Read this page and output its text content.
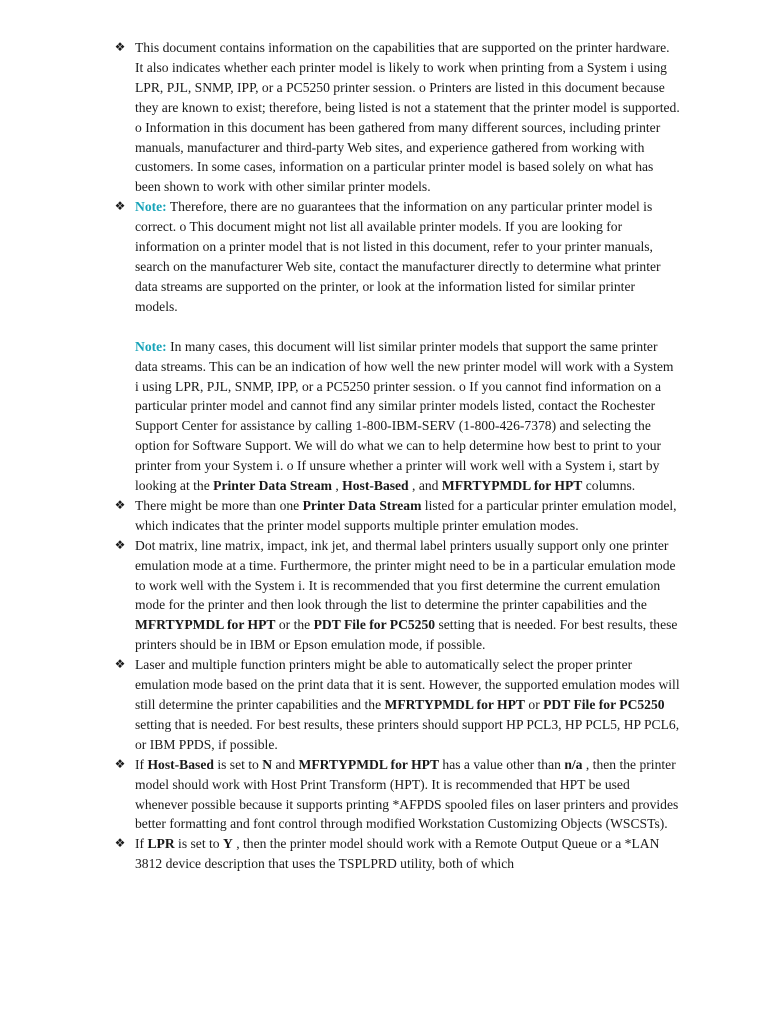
❖ This document contains information on the capabilities that are supported on the printer hardware. It also indicates whether each printer model is likely to work when printing from a System i using LPR, PJL, SNMP, IPP, or a PC5250 printer session. o Printers are listed in this document because they are known to exist; therefore, being listed is not a statement that the printer model is supported. o Information in this document has been gathered from many different sources, including printer manuals, manufacturer and third-party Web sites, and experience gathered from working with customers. In some cases, information on a particular printer model is based solely on what has been shown to work with other similar printer models.

❖ Note: Therefore, there are no guarantees that the information on any particular printer model is correct. o This document might not list all available printer models. If you are looking for information on a printer model that is not listed in this document, refer to your printer manuals, search on the manufacturer Web site, contact the manufacturer directly to determine what printer data streams are supported on the printer, or look at the information listed for similar printer models.

Note: In many cases, this document will list similar printer models that support the same printer data streams. This can be an indication of how well the new printer model will work with a System i using LPR, PJL, SNMP, IPP, or a PC5250 printer session. o If you cannot find information on a particular printer model and cannot find any similar printer models listed, contact the Rochester Support Center for assistance by calling 1-800-IBM-SERV (1-800-426-7378) and selecting the option for Software Support. We will do what we can to help determine how best to print to your printer from your System i. o If unsure whether a printer will work well with a System i, start by looking at the Printer Data Stream , Host-Based , and MFRTYPMDL for HPT columns.

❖ There might be more than one Printer Data Stream listed for a particular printer emulation model, which indicates that the printer model supports multiple printer emulation modes.

❖ Dot matrix, line matrix, impact, ink jet, and thermal label printers usually support only one printer emulation mode at a time. Furthermore, the printer might need to be in a particular emulation mode to work well with the System i. It is recommended that you first determine the current emulation mode for the printer and then look through the list to determine the printer capabilities and the MFRTYPMDL for HPT or the PDT File for PC5250 setting that is needed. For best results, these printers should be in IBM or Epson emulation mode, if possible.

❖ Laser and multiple function printers might be able to automatically select the proper printer emulation mode based on the print data that it is sent. However, the supported emulation modes will still determine the printer capabilities and the MFRTYPMDL for HPT or PDT File for PC5250 setting that is needed. For best results, these printers should support HP PCL3, HP PCL5, HP PCL6, or IBM PPDS, if possible.

❖ If Host-Based is set to N and MFRTYPMDL for HPT has a value other than n/a , then the printer model should work with Host Print Transform (HPT). It is recommended that HPT be used whenever possible because it supports printing *AFPDS spooled files on laser printers and provides better formatting and font control through modified Workstation Customizing Objects (WSCSTs).

❖ If LPR is set to Y , then the printer model should work with a Remote Output Queue or a *LAN 3812 device description that uses the TSPLPRD utility, both of which
